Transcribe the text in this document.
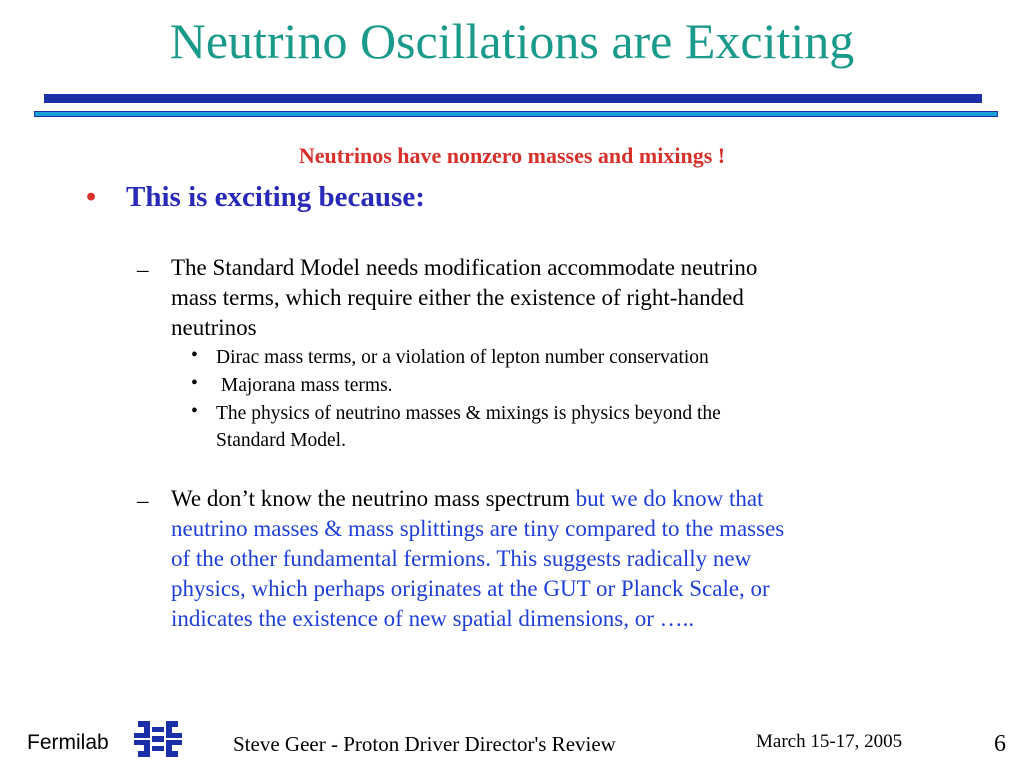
Neutrino Oscillations are Exciting
Neutrinos have nonzero masses and mixings !
• This is exciting because:
– The Standard Model needs modification accommodate neutrino
mass terms, which require either the existence of right-handed
neutrinos
• Dirac mass terms, or a violation of lepton number conservation
• Majorana mass terms.
• The physics of neutrino masses & mixings is physics beyond the
Standard Model.
– We don’t know the neutrino mass spectrum but we do know that
neutrino masses & mass splittings are tiny compared to the masses
of the other fundamental fermions. This suggests radically new
physics, which perhaps originates at the GUT or Planck Scale, or
indicates the existence of new spatial dimensions, or …..
Fermilab	Steve Geer - Proton Driver Director's Review	March 15-17, 2005	6
